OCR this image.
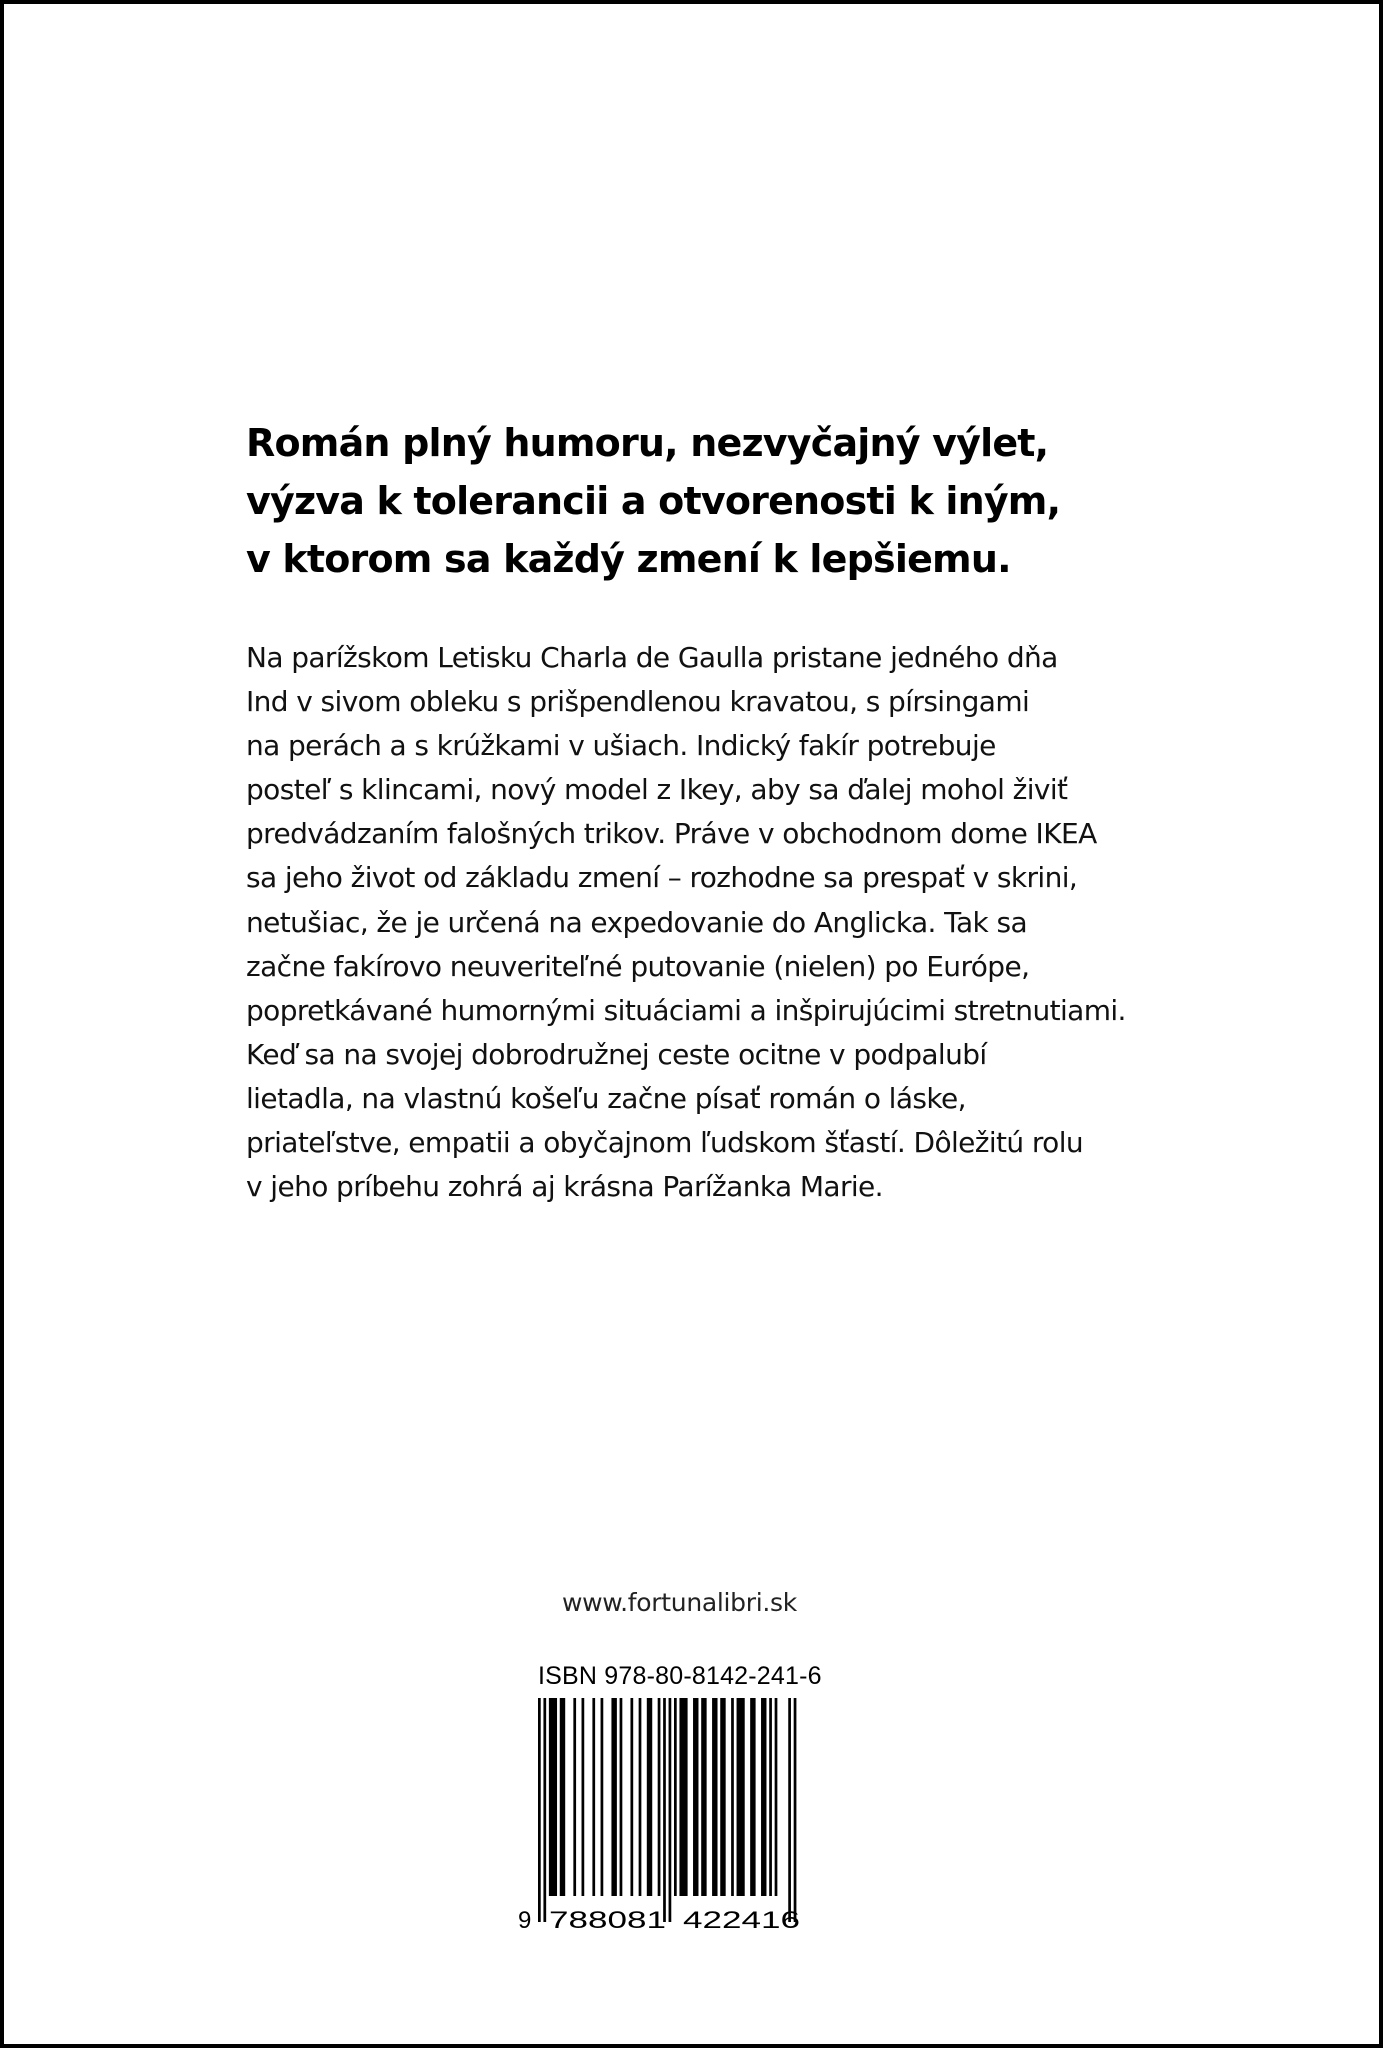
Román plný humoru, nezvyčajný výlet,
výzva k tolerancii a otvorenosti k iným,
v ktorom sa každý zmení k lepšiemu.

Na parížskom Letisku Charla de Gaulla pristane jedného dňa
Ind v sivom obleku s prišpendlenou kravatou, s pírsingami
na perách a s krúžkami v ušiach. Indický fakír potrebuje
posteľ s klincami, nový model z Ikey, aby sa ďalej mohol živiť
predvádzaním falošných trikov. Práve v obchodnom dome IKEA
sa jeho život od základu zmení – rozhodne sa prespať v skrini,
netušiac, že je určená na expedovanie do Anglicka. Tak sa
začne fakírovo neuveriteľné putovanie (nielen) po Európe,
popretkávané humornými situáciami a inšpirujúcimi stretnutiami.
Keď sa na svojej dobrodružnej ceste ocitne v podpalubí
lietadla, na vlastnú košeľu začne písať román o láske,
priateľstve, empatii a obyčajnom ľudskom šťastí. Dôležitú rolu
v jeho príbehu zohrá aj krásna Parížanka Marie.

www.fortunalibri.sk
ISBN 978-80-8142-241-6
9 788081 422416
